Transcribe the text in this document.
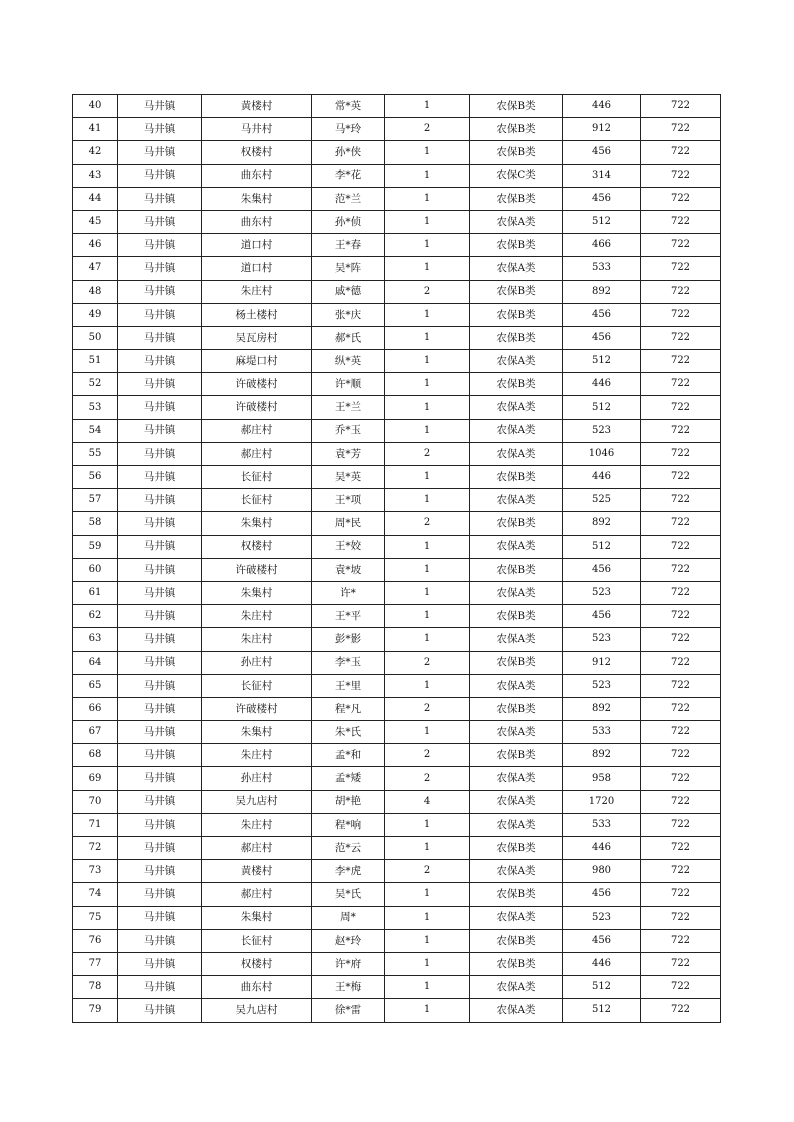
40	马井镇	黄楼村	常*英	1	农保B类	446	722
41	马井镇	马井村	马*玲	2	农保B类	912	722
42	马井镇	权楼村	孙*侠	1	农保B类	456	722
43	马井镇	曲东村	李*花	1	农保C类	314	722
44	马井镇	朱集村	范*兰	1	农保B类	456	722
45	马井镇	曲东村	孙*侦	1	农保A类	512	722
46	马井镇	道口村	王*春	1	农保B类	466	722
47	马井镇	道口村	吴*阵	1	农保A类	533	722
48	马井镇	朱庄村	戚*德	2	农保B类	892	722
49	马井镇	杨土楼村	张*庆	1	农保B类	456	722
50	马井镇	吴瓦房村	郝*氏	1	农保B类	456	722
51	马井镇	麻堤口村	纵*英	1	农保A类	512	722
52	马井镇	许破楼村	许*顺	1	农保B类	446	722
53	马井镇	许破楼村	王*兰	1	农保A类	512	722
54	马井镇	郝庄村	乔*玉	1	农保A类	523	722
55	马井镇	郝庄村	袁*芳	2	农保A类	1046	722
56	马井镇	长征村	吴*英	1	农保B类	446	722
57	马井镇	长征村	王*项	1	农保A类	525	722
58	马井镇	朱集村	周*民	2	农保B类	892	722
59	马井镇	权楼村	王*姣	1	农保A类	512	722
60	马井镇	许破楼村	袁*坡	1	农保B类	456	722
61	马井镇	朱集村	许*	1	农保A类	523	722
62	马井镇	朱庄村	王*平	1	农保B类	456	722
63	马井镇	朱庄村	彭*影	1	农保A类	523	722
64	马井镇	孙庄村	李*玉	2	农保B类	912	722
65	马井镇	长征村	王*里	1	农保A类	523	722
66	马井镇	许破楼村	程*凡	2	农保B类	892	722
67	马井镇	朱集村	朱*氏	1	农保A类	533	722
68	马井镇	朱庄村	孟*和	2	农保B类	892	722
69	马井镇	孙庄村	孟*矮	2	农保A类	958	722
70	马井镇	吴九店村	胡*艳	4	农保A类	1720	722
71	马井镇	朱庄村	程*响	1	农保A类	533	722
72	马井镇	郝庄村	范*云	1	农保B类	446	722
73	马井镇	黄楼村	李*虎	2	农保A类	980	722
74	马井镇	郝庄村	吴*氏	1	农保B类	456	722
75	马井镇	朱集村	周*	1	农保A类	523	722
76	马井镇	长征村	赵*玲	1	农保B类	456	722
77	马井镇	权楼村	许*府	1	农保B类	446	722
78	马井镇	曲东村	王*梅	1	农保A类	512	722
79	马井镇	吴九店村	徐*雷	1	农保A类	512	722
